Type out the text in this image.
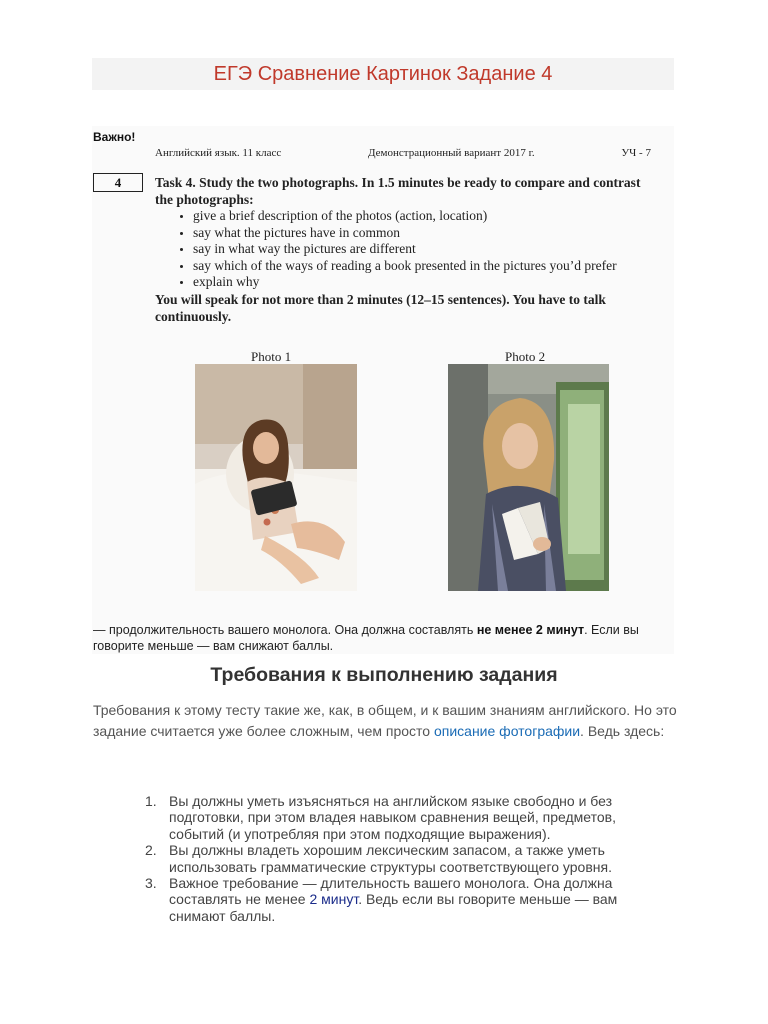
ЕГЭ Сравнение Картинок Задание 4
Важно!
Английский язык. 11 класс	Демонстрационный вариант 2017 г.	УЧ - 7
4	Task 4. Study the two photographs. In 1.5 minutes be ready to compare and contrast the photographs:
• give a brief description of the photos (action, location)
• say what the pictures have in common
• say in what way the pictures are different
• say which of the ways of reading a book presented in the pictures you’d prefer
• explain why
You will speak for not more than 2 minutes (12–15 sentences). You have to talk continuously.
Photo 1	Photo 2
— продолжительность вашего монолога. Она должна составлять не менее 2 минут. Если вы говорите меньше — вам снижают баллы.
Требования к выполнению задания
Требования к этому тесту такие же, как, в общем, и к вашим знаниям английского. Но это задание считается уже более сложным, чем просто описание фотографии. Ведь здесь:
1. Вы должны уметь изъясняться на английском языке свободно и без подготовки, при этом владея навыком сравнения вещей, предметов, событий (и употребляя при этом подходящие выражения).
2. Вы должны владеть хорошим лексическим запасом, а также уметь использовать грамматические структуры соответствующего уровня.
3. Важное требование — длительность вашего монолога. Она должна составлять не менее 2 минут. Ведь если вы говорите меньше — вам снимают баллы.
